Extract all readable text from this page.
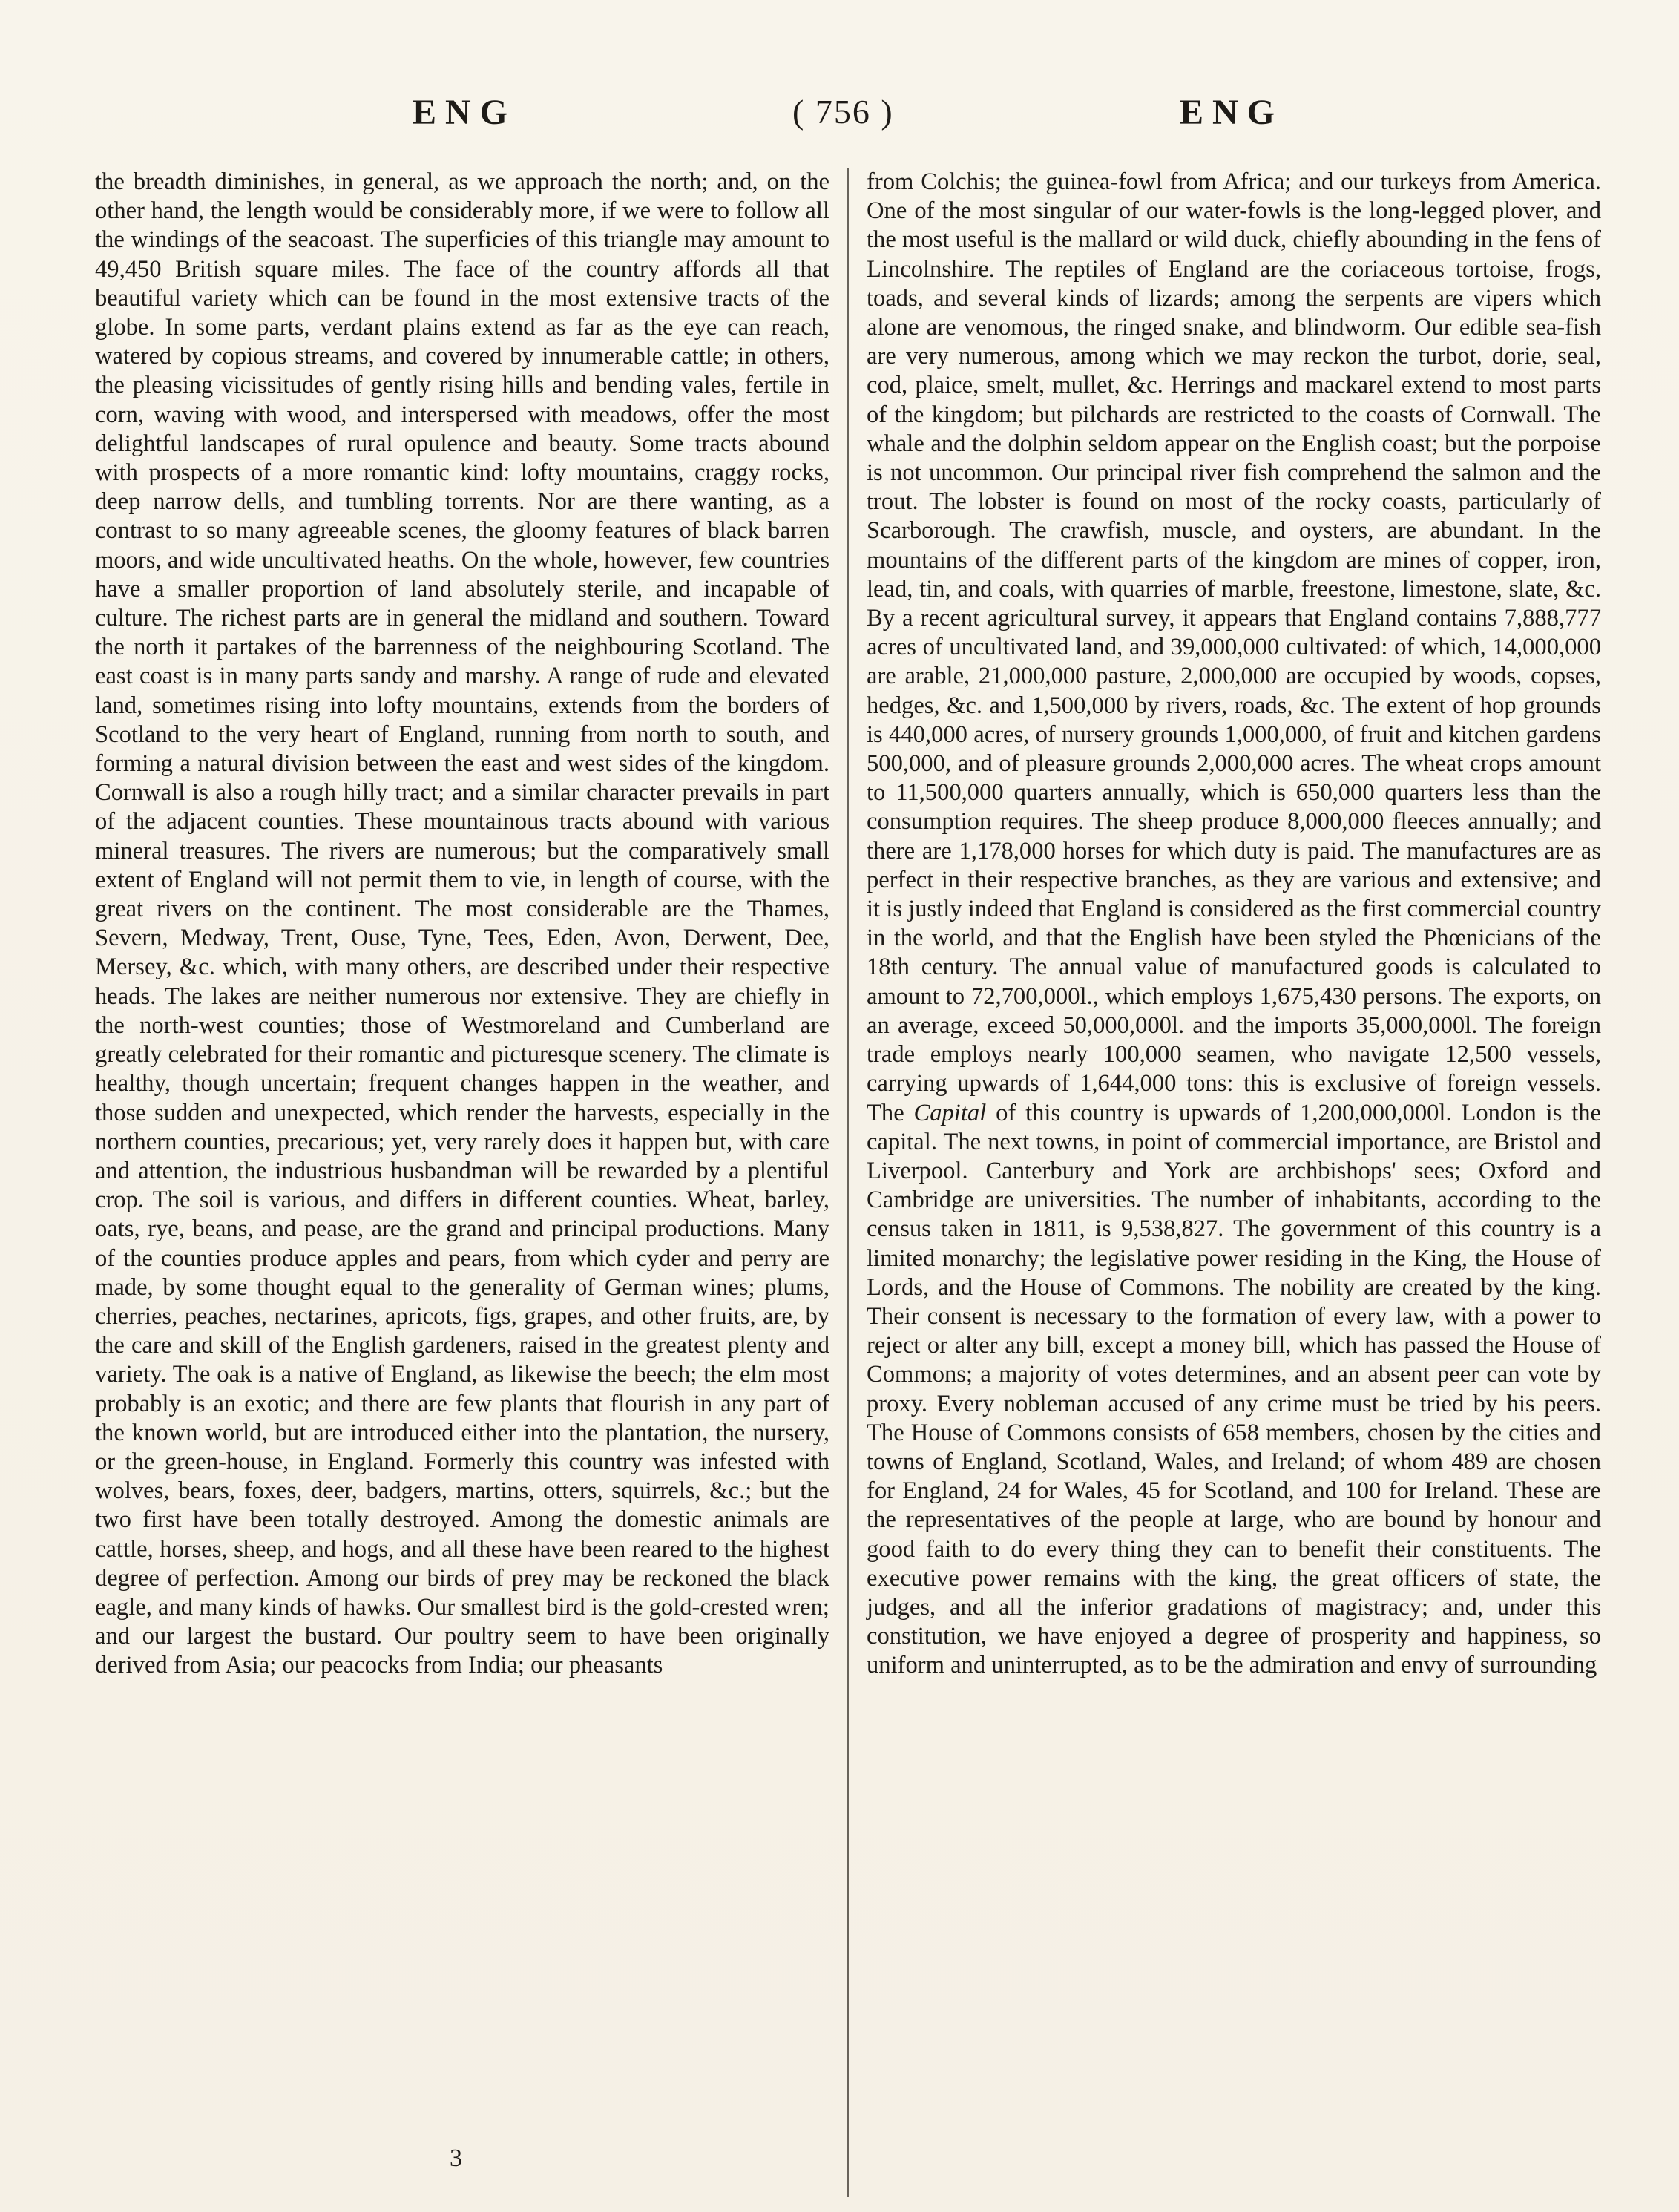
ENG	( 756 )	ENG

the breadth diminishes, in general, as we approach the north; and, on the other hand, the length would be considerably more, if we were to follow all the windings of the seacoast. The superficies of this triangle may amount to 49,450 British square miles. The face of the country affords all that beautiful variety which can be found in the most extensive tracts of the globe. In some parts, verdant plains extend as far as the eye can reach, watered by copious streams, and covered by innumerable cattle; in others, the pleasing vicissitudes of gently rising hills and bending vales, fertile in corn, waving with wood, and interspersed with meadows, offer the most delightful landscapes of rural opulence and beauty. Some tracts abound with prospects of a more romantic kind: lofty mountains, craggy rocks, deep narrow dells, and tumbling torrents. Nor are there wanting, as a contrast to so many agreeable scenes, the gloomy features of black barren moors, and wide uncultivated heaths. On the whole, however, few countries have a smaller proportion of land absolutely sterile, and incapable of culture. The richest parts are in general the midland and southern. Toward the north it partakes of the barrenness of the neighbouring Scotland. The east coast is in many parts sandy and marshy. A range of rude and elevated land, sometimes rising into lofty mountains, extends from the borders of Scotland to the very heart of England, running from north to south, and forming a natural division between the east and west sides of the kingdom. Cornwall is also a rough hilly tract; and a similar character prevails in part of the adjacent counties. These mountainous tracts abound with various mineral treasures. The rivers are numerous; but the comparatively small extent of England will not permit them to vie, in length of course, with the great rivers on the continent. The most considerable are the Thames, Severn, Medway, Trent, Ouse, Tyne, Tees, Eden, Avon, Derwent, Dee, Mersey, &c. which, with many others, are described under their respective heads. The lakes are neither numerous nor extensive. They are chiefly in the north-west counties; those of Westmoreland and Cumberland are greatly celebrated for their romantic and picturesque scenery. The climate is healthy, though uncertain; frequent changes happen in the weather, and those sudden and unexpected, which render the harvests, especially in the northern counties, precarious; yet, very rarely does it happen but, with care and attention, the industrious husbandman will be rewarded by a plentiful crop. The soil is various, and differs in different counties. Wheat, barley, oats, rye, beans, and pease, are the grand and principal productions. Many of the counties produce apples and pears, from which cyder and perry are made, by some thought equal to the generality of German wines; plums, cherries, peaches, nectarines, apricots, figs, grapes, and other fruits, are, by the care and skill of the English gardeners, raised in the greatest plenty and variety. The oak is a native of England, as likewise the beech; the elm most probably is an exotic; and there are few plants that flourish in any part of the known world, but are introduced either into the plantation, the nursery, or the green-house, in England. Formerly this country was infested with wolves, bears, foxes, deer, badgers, martins, otters, squirrels, &c.; but the two first have been totally destroyed. Among the domestic animals are cattle, horses, sheep, and hogs, and all these have been reared to the highest degree of perfection. Among our birds of prey may be reckoned the black eagle, and many kinds of hawks. Our smallest bird is the gold-crested wren; and our largest the bustard. Our poultry seem to have been originally derived from Asia; our peacocks from India; our pheasants

from Colchis; the guinea-fowl from Africa; and our turkeys from America. One of the most singular of our water-fowls is the long-legged plover, and the most useful is the mallard or wild duck, chiefly abounding in the fens of Lincolnshire. The reptiles of England are the coriaceous tortoise, frogs, toads, and several kinds of lizards; among the serpents are vipers which alone are venomous, the ringed snake, and blindworm. Our edible sea-fish are very numerous, among which we may reckon the turbot, dorie, seal, cod, plaice, smelt, mullet, &c. Herrings and mackarel extend to most parts of the kingdom; but pilchards are restricted to the coasts of Cornwall. The whale and the dolphin seldom appear on the English coast; but the porpoise is not uncommon. Our principal river fish comprehend the salmon and the trout. The lobster is found on most of the rocky coasts, particularly of Scarborough. The crawfish, muscle, and oysters, are abundant. In the mountains of the different parts of the kingdom are mines of copper, iron, lead, tin, and coals, with quarries of marble, freestone, limestone, slate, &c. By a recent agricultural survey, it appears that England contains 7,888,777 acres of uncultivated land, and 39,000,000 cultivated: of which, 14,000,000 are arable, 21,000,000 pasture, 2,000,000 are occupied by woods, copses, hedges, &c. and 1,500,000 by rivers, roads, &c. The extent of hop grounds is 440,000 acres, of nursery grounds 1,000,000, of fruit and kitchen gardens 500,000, and of pleasure grounds 2,000,000 acres. The wheat crops amount to 11,500,000 quarters annually, which is 650,000 quarters less than the consumption requires. The sheep produce 8,000,000 fleeces annually; and there are 1,178,000 horses for which duty is paid. The manufactures are as perfect in their respective branches, as they are various and extensive; and it is justly indeed that England is considered as the first commercial country in the world, and that the English have been styled the Phœnicians of the 18th century. The annual value of manufactured goods is calculated to amount to 72,700,000l., which employs 1,675,430 persons. The exports, on an average, exceed 50,000,000l. and the imports 35,000,000l. The foreign trade employs nearly 100,000 seamen, who navigate 12,500 vessels, carrying upwards of 1,644,000 tons: this is exclusive of foreign vessels. The Capital of this country is upwards of 1,200,000,000l. London is the capital. The next towns, in point of commercial importance, are Bristol and Liverpool. Canterbury and York are archbishops' sees; Oxford and Cambridge are universities. The number of inhabitants, according to the census taken in 1811, is 9,538,827. The government of this country is a limited monarchy; the legislative power residing in the King, the House of Lords, and the House of Commons. The nobility are created by the king. Their consent is necessary to the formation of every law, with a power to reject or alter any bill, except a money bill, which has passed the House of Commons; a majority of votes determines, and an absent peer can vote by proxy. Every nobleman accused of any crime must be tried by his peers. The House of Commons consists of 658 members, chosen by the cities and towns of England, Scotland, Wales, and Ireland; of whom 489 are chosen for England, 24 for Wales, 45 for Scotland, and 100 for Ireland. These are the representatives of the people at large, who are bound by honour and good faith to do every thing they can to benefit their constituents. The executive power remains with the king, the great officers of state, the judges, and all the inferior gradations of magistracy; and, under this constitution, we have enjoyed a degree of prosperity and happiness, so uniform and uninterrupted, as to be the admiration and envy of surrounding

3
